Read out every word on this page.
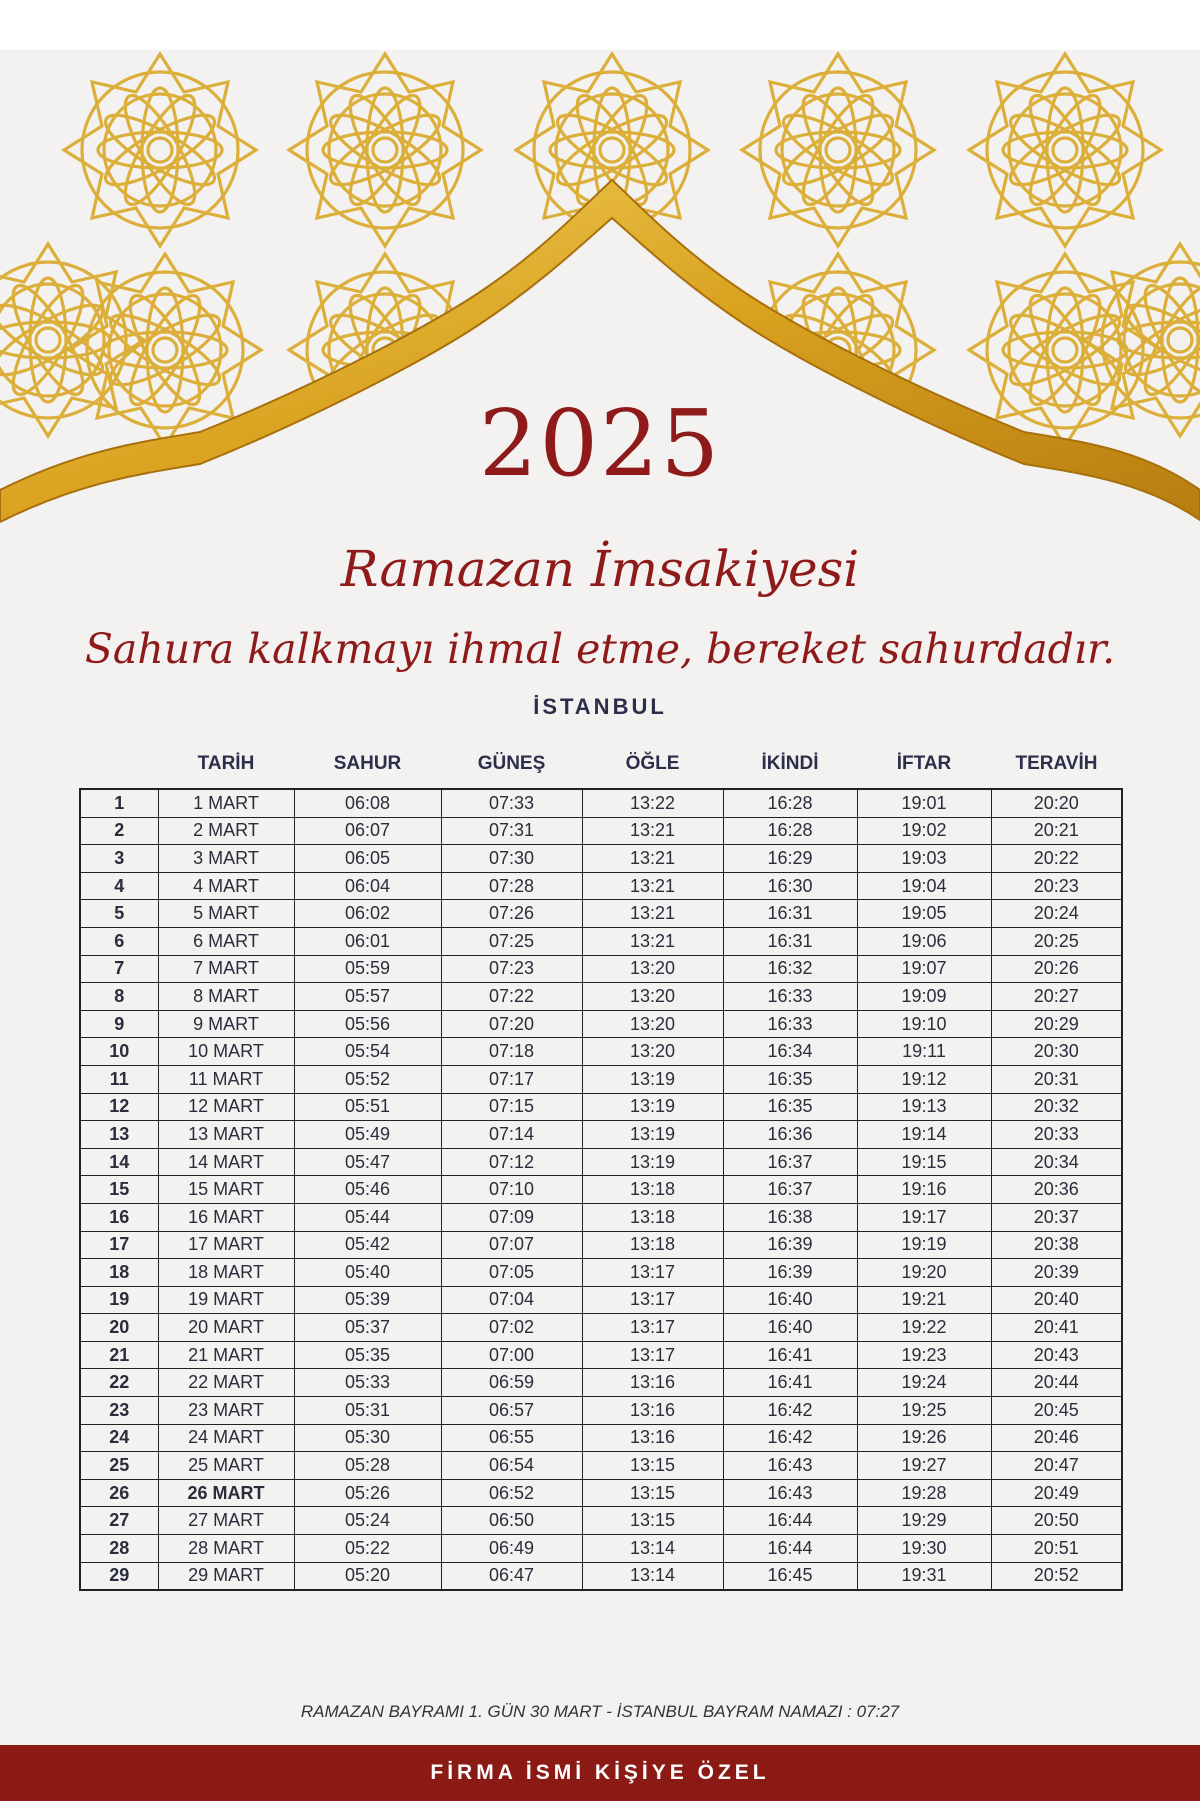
2025
Ramazan İmsakiyesi
Sahura kalkmayı ihmal etme, bereket sahurdadır.
İSTANBUL
	TARİH	SAHUR	GÜNEŞ	ÖĞLE	İKİNDİ	İFTAR	TERAVİH
1	1 MART	06:08	07:33	13:22	16:28	19:01	20:20
2	2 MART	06:07	07:31	13:21	16:28	19:02	20:21
3	3 MART	06:05	07:30	13:21	16:29	19:03	20:22
4	4 MART	06:04	07:28	13:21	16:30	19:04	20:23
5	5 MART	06:02	07:26	13:21	16:31	19:05	20:24
6	6 MART	06:01	07:25	13:21	16:31	19:06	20:25
7	7 MART	05:59	07:23	13:20	16:32	19:07	20:26
8	8 MART	05:57	07:22	13:20	16:33	19:09	20:27
9	9 MART	05:56	07:20	13:20	16:33	19:10	20:29
10	10 MART	05:54	07:18	13:20	16:34	19:11	20:30
11	11 MART	05:52	07:17	13:19	16:35	19:12	20:31
12	12 MART	05:51	07:15	13:19	16:35	19:13	20:32
13	13 MART	05:49	07:14	13:19	16:36	19:14	20:33
14	14 MART	05:47	07:12	13:19	16:37	19:15	20:34
15	15 MART	05:46	07:10	13:18	16:37	19:16	20:36
16	16 MART	05:44	07:09	13:18	16:38	19:17	20:37
17	17 MART	05:42	07:07	13:18	16:39	19:19	20:38
18	18 MART	05:40	07:05	13:17	16:39	19:20	20:39
19	19 MART	05:39	07:04	13:17	16:40	19:21	20:40
20	20 MART	05:37	07:02	13:17	16:40	19:22	20:41
21	21 MART	05:35	07:00	13:17	16:41	19:23	20:43
22	22 MART	05:33	06:59	13:16	16:41	19:24	20:44
23	23 MART	05:31	06:57	13:16	16:42	19:25	20:45
24	24 MART	05:30	06:55	13:16	16:42	19:26	20:46
25	25 MART	05:28	06:54	13:15	16:43	19:27	20:47
26	26 MART	05:26	06:52	13:15	16:43	19:28	20:49
27	27 MART	05:24	06:50	13:15	16:44	19:29	20:50
28	28 MART	05:22	06:49	13:14	16:44	19:30	20:51
29	29 MART	05:20	06:47	13:14	16:45	19:31	20:52
RAMAZAN BAYRAMI 1. GÜN 30 MART - İSTANBUL BAYRAM NAMAZI : 07:27
FİRMA İSMİ KİŞİYE ÖZEL
